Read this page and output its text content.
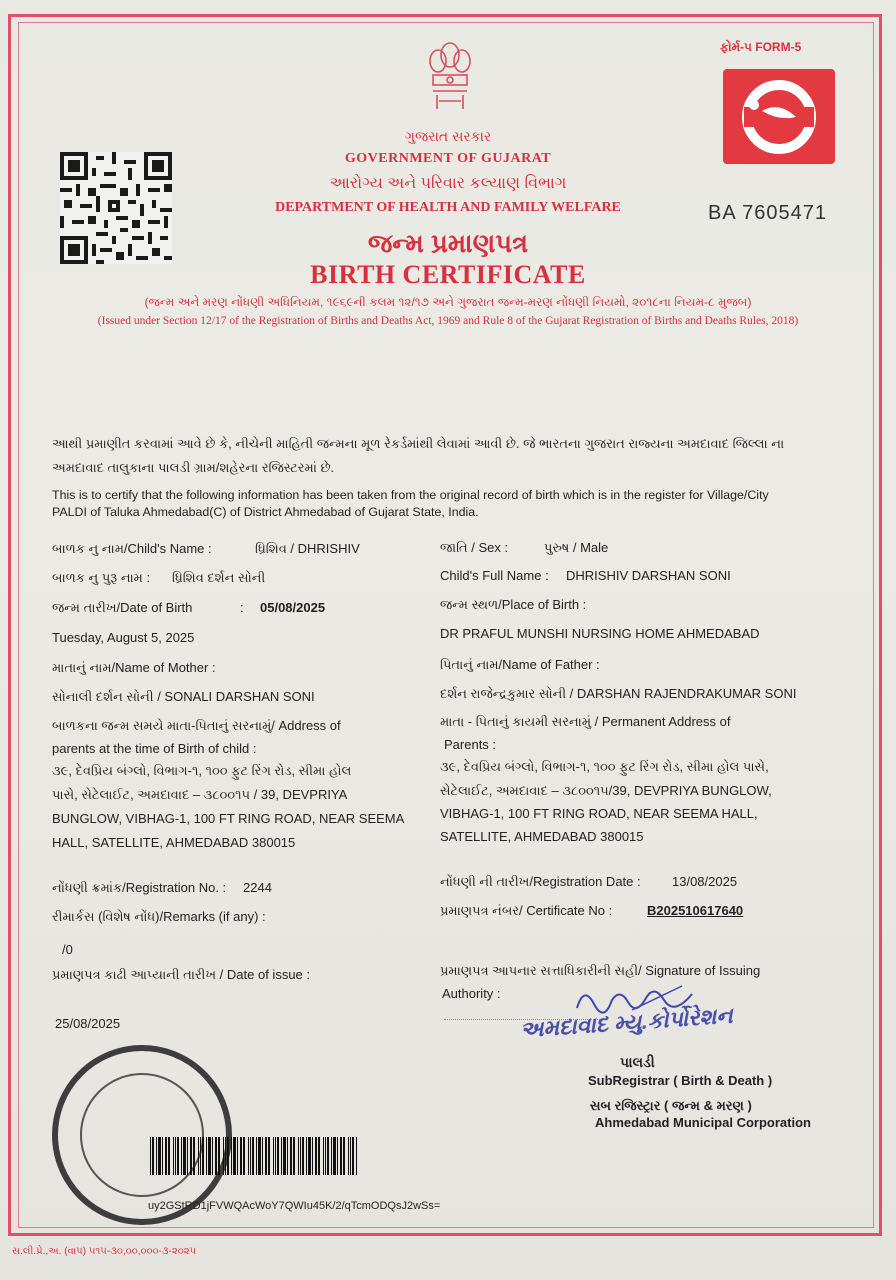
ફોર્મ-૫ FORM-5
BA 7605471
ગુજરાત સરકાર
GOVERNMENT OF GUJARAT
આરોગ્ય અને પરિવાર કલ્યાણ વિભાગ
DEPARTMENT OF HEALTH AND FAMILY WELFARE
જન્મ પ્રમાણપત્ર
BIRTH CERTIFICATE
(જન્મ અને મરણ નોંધણી અધિનિયમ, ૧૯૬૯ની કલમ ૧૨/૧૭ અને ગુજરાત જન્મ-મરણ નોંધણી નિયમો, ૨૦૧૮ના નિયમ-૮ મુજબ)
(Issued under Section 12/17 of the Registration of Births and Deaths Act, 1969 and Rule 8 of the Gujarat Registration of Births and Deaths Rules, 2018)
આથી પ્રમાણીત કરવામાં આવે છે કે, નીચેની માહિતી જન્મના મૂળ રેકર્ડમાંથી લેવામાં આવી છે. જે ભારતના ગુજરાત રાજ્યના અમદાવાદ જિલ્લા ના
અમદાવાદ તાલુકાના પાલડી ગ્રામ/શહેરના રજિસ્ટરમાં છે.
This is to certify that the following information has been taken from the original record of birth which is in the register for Village/City
PALDI of Taluka Ahmedabad(C) of District Ahmedabad of Gujarat State, India.
બાળક નુ નામ/Child's Name :	ધ્રિશિવ / DHRISHIV	જાતિ / Sex :	પુરુષ / Male
બાળક નુ પુરૂ નામ : ધ્રિશિવ દર્શન સોની	Child's Full Name : DHRISHIV DARSHAN SONI
જન્મ તારીખ/Date of Birth	: 05/08/2025	જન્મ સ્થળ/Place of Birth :
Tuesday, August 5, 2025	DR PRAFUL MUNSHI NURSING HOME AHMEDABAD
માતાનું નામ/Name of Mother :	પિતાનું નામ/Name of Father :
સોનાલી દર્શન સોની / SONALI DARSHAN SONI	દર્શન રાજેન્દ્રકુમાર સોની / DARSHAN RAJENDRAKUMAR SONI
બાળકના જન્મ સમયે માતા-પિતાનું સરનામું/ Address of
parents at the time of Birth of child :
માતા - પિતાનું કાયમી સરનામું / Permanent Address of
Parents :
૩૯, દેવપ્રિય બંગ્લો, વિભાગ-૧, ૧૦૦ ફુટ રિંગ રોડ, સીમા હોલ
પાસે, સેટેલાઈટ, અમદાવાદ – ૩૮૦૦૧૫ / 39, DEVPRIYA
BUNGLOW, VIBHAG-1, 100 FT RING ROAD, NEAR SEEMA
HALL, SATELLITE, AHMEDABAD 380015
૩૯, દેવપ્રિય બંગ્લો, વિભાગ-૧, ૧૦૦ ફુટ રિંગ રોડ, સીમા હોલ પાસે,
સેટેલાઈટ, અમદાવાદ – ૩૮૦૦૧૫/39, DEVPRIYA BUNGLOW,
VIBHAG-1, 100 FT RING ROAD, NEAR SEEMA HALL,
SATELLITE, AHMEDABAD 380015
નોંધણી ક્રમાંક/Registration No. : 2244	નોંધણી ની તારીખ/Registration Date : 13/08/2025
રીમાર્કસ (વિશેષ નોંધ)/Remarks (if any) :	પ્રમાણપત્ર નંબર/ Certificate No :	B202510617640
/0
પ્રમાણપત્ર કાઢી આપ્યાની તારીખ / Date of issue :	પ્રમાણપત્ર આપનાર સત્તાધિકારીની સહી/ Signature of Issuing
Authority :
25/08/2025	અમદાવાદ મ્યુ.કોર્પોરેશન
પાલડી
SubRegistrar ( Birth & Death )
સબ રજિસ્ટ્રાર ( જન્મ & મરણ )
Ahmedabad Municipal Corporation
uy2GStRD1jFVWQAcWoY7QWIu45K/2/qTcmODQsJ2wSs=
સ.લી.પ્રે.,અ. (વાપ) ૫૧૫-૩૦,૦૦,૦૦૦-૩-૨૦૨૫
